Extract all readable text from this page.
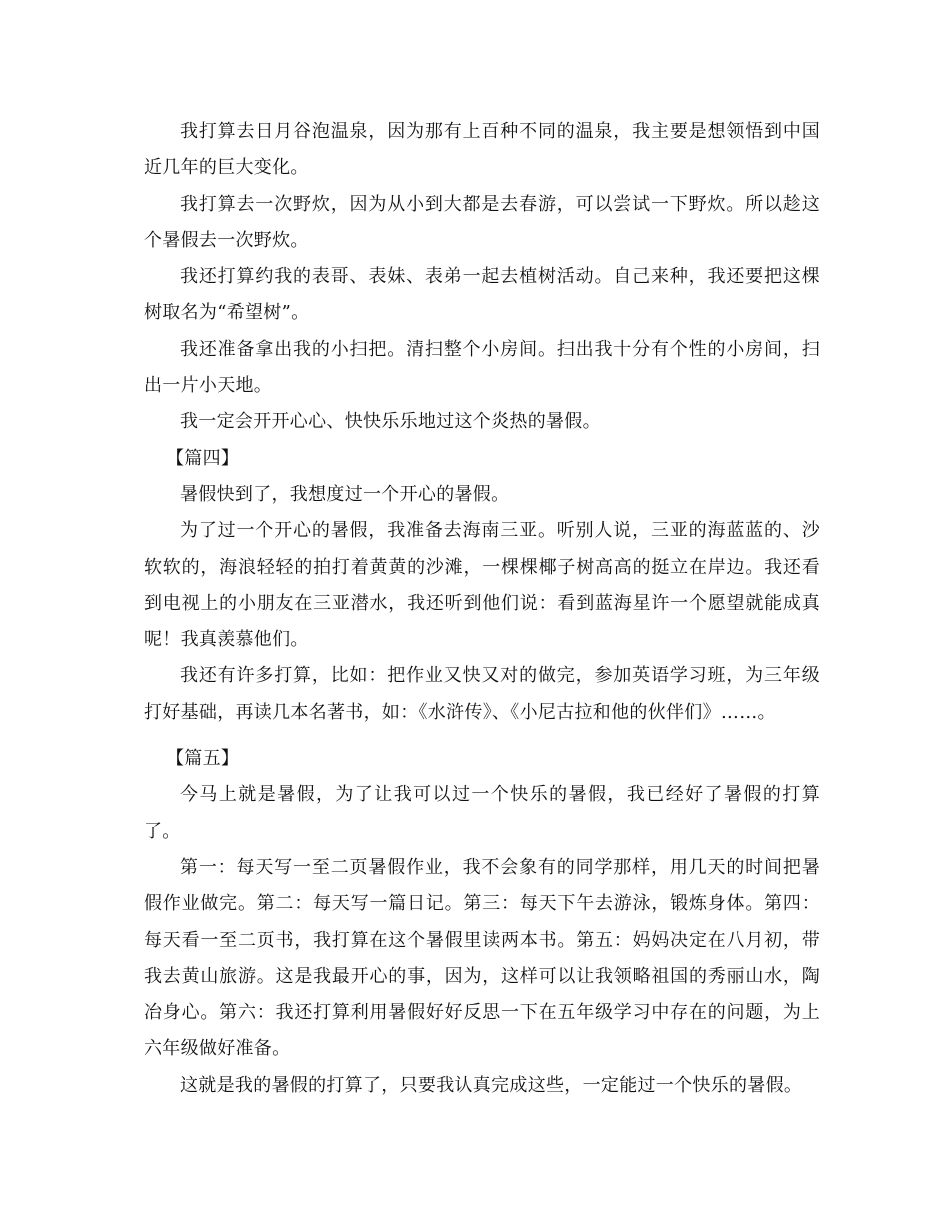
我打算去日月谷泡温泉，因为那有上百种不同的温泉，我主要是想领悟到中国近几年的巨大变化。

我打算去一次野炊，因为从小到大都是去春游，可以尝试一下野炊。所以趁这个暑假去一次野炊。

我还打算约我的表哥、表妹、表弟一起去植树活动。自己来种，我还要把这棵树取名为“希望树”。

我还准备拿出我的小扫把。清扫整个小房间。扫出我十分有个性的小房间，扫出一片小天地。

我一定会开开心心、快快乐乐地过这个炎热的暑假。

【篇四】

暑假快到了，我想度过一个开心的暑假。

为了过一个开心的暑假，我准备去海南三亚。听别人说，三亚的海蓝蓝的、沙软软的，海浪轻轻的拍打着黄黄的沙滩，一棵棵椰子树高高的挺立在岸边。我还看到电视上的小朋友在三亚潜水，我还听到他们说：看到蓝海星许一个愿望就能成真呢！我真羡慕他们。

我还有许多打算，比如：把作业又快又对的做完，参加英语学习班，为三年级打好基础，再读几本名著书，如：《水浒传》、《小尼古拉和他的伙伴们》……。

【篇五】

今马上就是暑假，为了让我可以过一个快乐的暑假，我已经好了暑假的打算了。

第一：每天写一至二页暑假作业，我不会象有的同学那样，用几天的时间把暑假作业做完。第二：每天写一篇日记。第三：每天下午去游泳，锻炼身体。第四：每天看一至二页书，我打算在这个暑假里读两本书。第五：妈妈决定在八月初，带我去黄山旅游。这是我最开心的事，因为，这样可以让我领略祖国的秀丽山水，陶冶身心。第六：我还打算利用暑假好好反思一下在五年级学习中存在的问题，为上六年级做好准备。

这就是我的暑假的打算了，只要我认真完成这些，一定能过一个快乐的暑假。
